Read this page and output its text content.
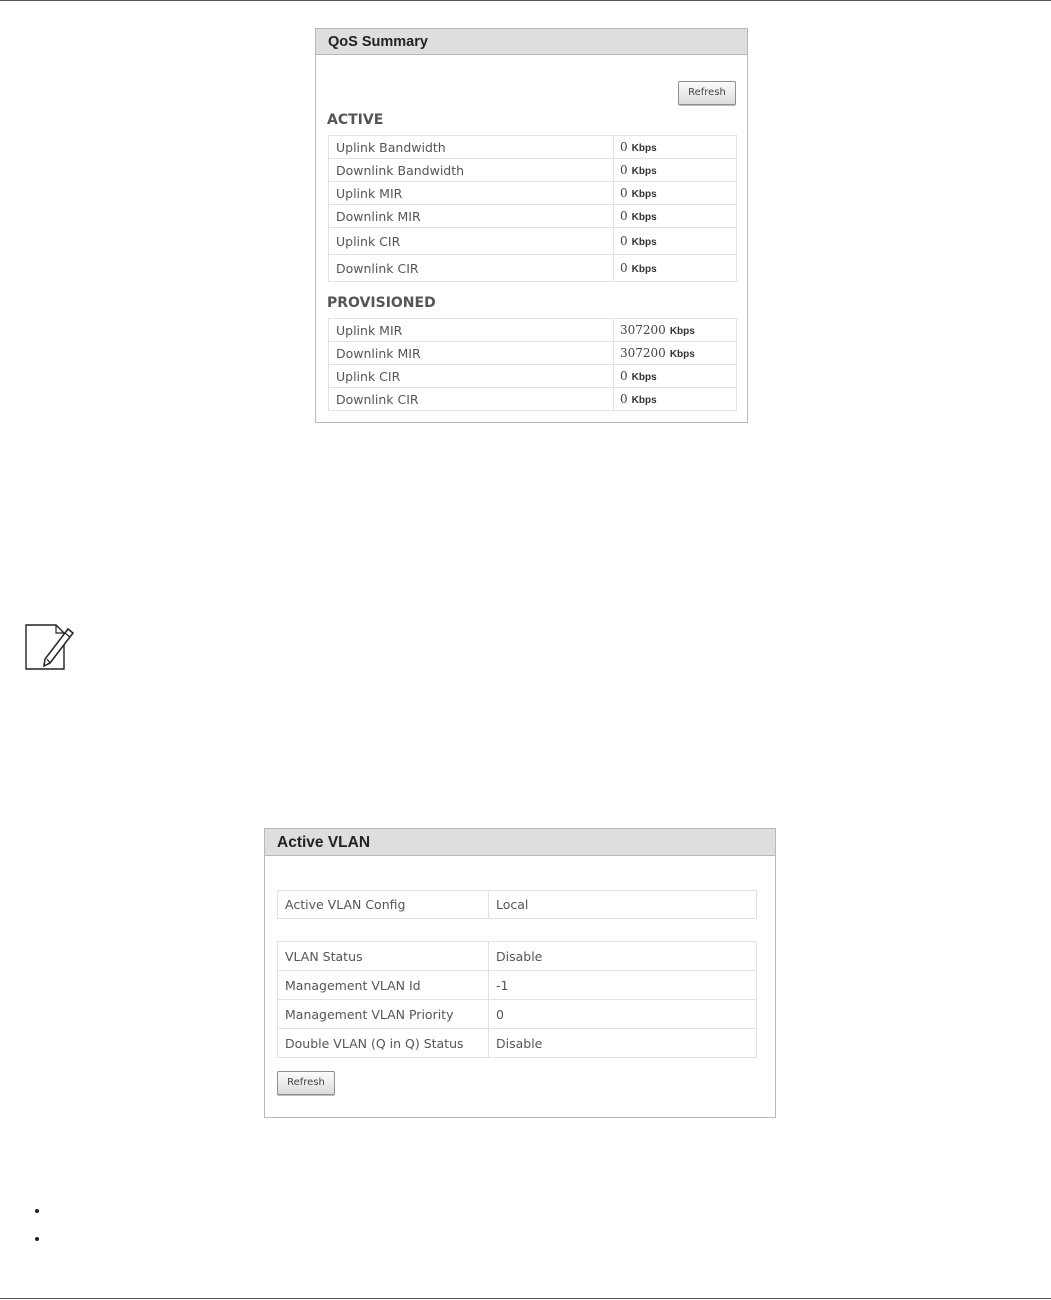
QoS Summary
Refresh
ACTIVE
Uplink Bandwidth	0 Kbps
Downlink Bandwidth	0 Kbps
Uplink MIR	0 Kbps
Downlink MIR	0 Kbps
Uplink CIR	0 Kbps
Downlink CIR	0 Kbps
PROVISIONED
Uplink MIR	307200 Kbps
Downlink MIR	307200 Kbps
Uplink CIR	0 Kbps
Downlink CIR	0 Kbps
Active VLAN
Active VLAN Config	Local
VLAN Status	Disable
Management VLAN Id	-1
Management VLAN Priority	0
Double VLAN (Q in Q) Status	Disable
Refresh
